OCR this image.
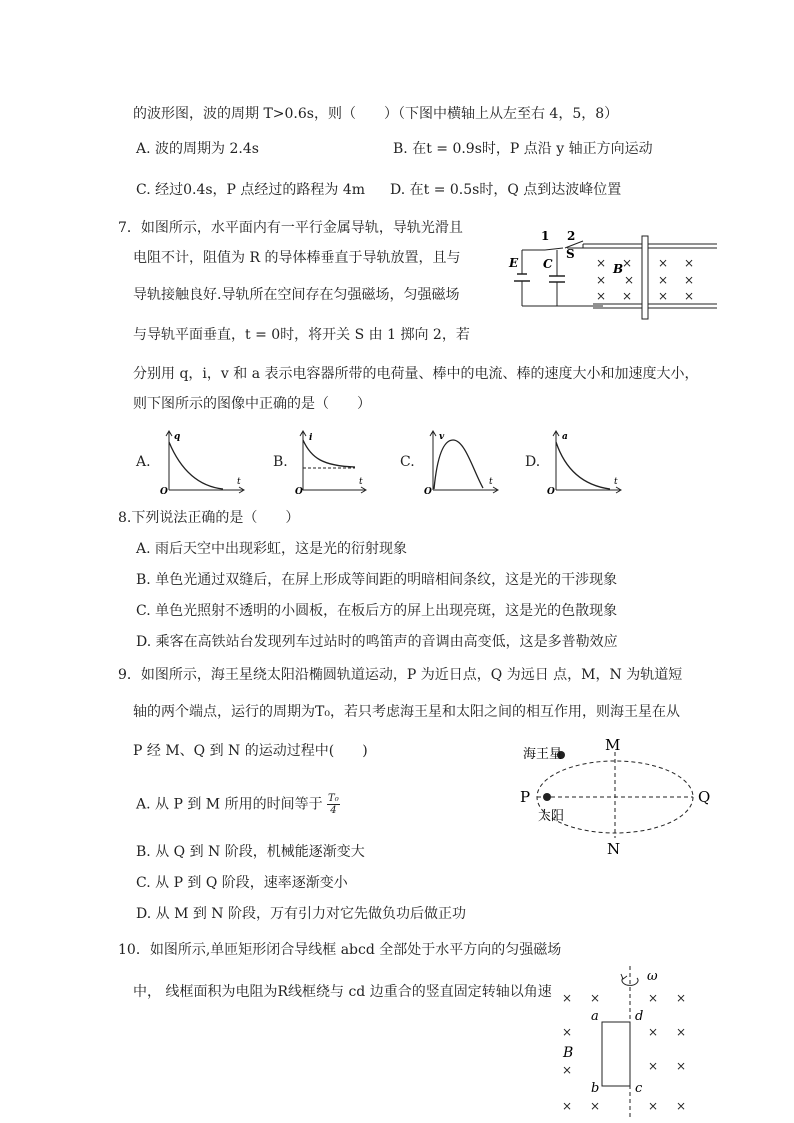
的波形图，波的周期 T>0.6s，则（　　）（下图中横轴上从左至右 4，5，8）
A. 波的周期为 2.4s	B. 在t = 0.9s时，P 点沿 y 轴正方向运动
C. 经过0.4s，P 点经过的路程为 4m D. 在t = 0.5s时，Q 点到达波峰位置
7．如图所示，水平面内有一平行金属导轨，导轨光滑且
电阻不计，阻值为 R 的导体棒垂直于导轨放置，且与
导轨接触良好.导轨所在空间存在匀强磁场，匀强磁场
与导轨平面垂直，t = 0时，将开关 S 由 1 掷向 2，若
分别用 q，i，v 和 a 表示电容器所带的电荷量、棒中的电流、棒的速度大小和加速度大小，
则下图所示的图像中正确的是（　　）
× × × ×
× × × ×
× × × ×
1 2
S
E C	B
A.
q
t
O
B.
i
t
O
C.
v
t
O
D.
a
t
O
8.下列说法正确的是（　　）
A. 雨后天空中出现彩虹，这是光的衍射现象
B. 单色光通过双缝后，在屏上形成等间距的明暗相间条纹，这是光的干涉现象
C. 单色光照射不透明的小圆板，在板后方的屏上出现亮斑，这是光的色散现象
D. 乘客在高铁站台发现列车过站时的鸣笛声的音调由高变低，这是多普勒效应
9．如图所示，海王星绕太阳沿椭圆轨道运动，P 为近日点，Q 为远日 点，M，N 为轨道短
轴的两个端点，运行的周期为T₀，若只考虑海王星和太阳之间的相互作用，则海王星在从
P 经 M、Q 到 N 的运动过程中(　　)
A. 从 P 到 M 所用的时间等于 $\frac{\text{T₀}}{4}$
B. 从 Q 到 N 阶段，机械能逐渐变大
C. 从 P 到 Q 阶段，速率逐渐变小
D. 从 M 到 N 阶段，万有引力对它先做负功后做正功
海王星
太阳
M
N
P	Q
10．如图所示,单匝矩形闭合导线框 abcd 全部处于水平方向的匀强磁场
中， 线框面积为电阻为R线框绕与 cd 边重合的竖直固定转轴以角速
ω
a
b	c
d
B
× ×	× ×
×	× ×
× ×
×
× ×	× ×
